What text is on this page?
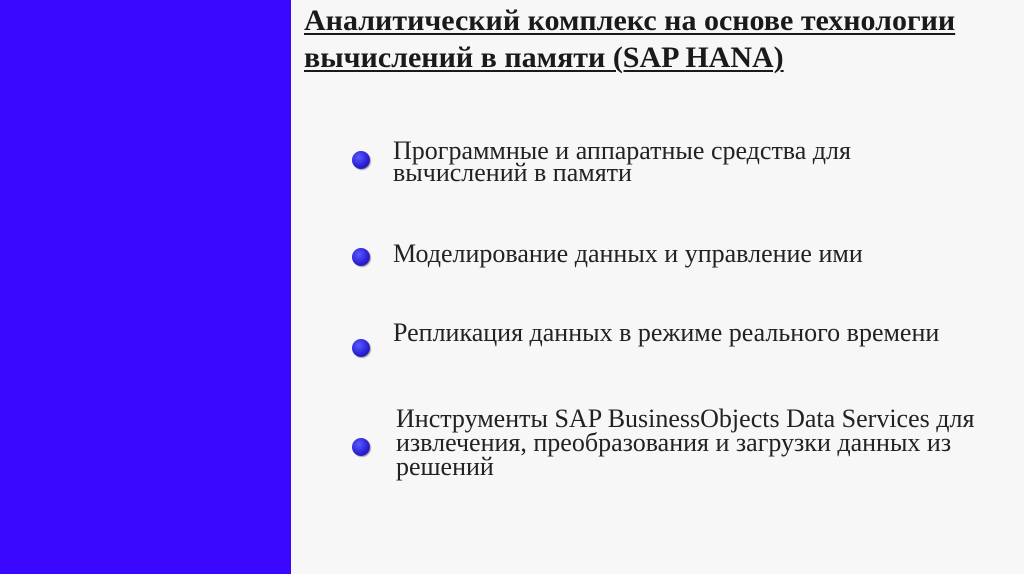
Аналитический комплекс на основе технологии вычислений в памяти (SAP HANA)
Программные и аппаратные средства для вычислений в памяти
Моделирование данных и управление ими
Репликация данных в режиме реального времени
Инструменты SAP BusinessObjects Data Services для извлечения, преобразования и загрузки данных из решений
